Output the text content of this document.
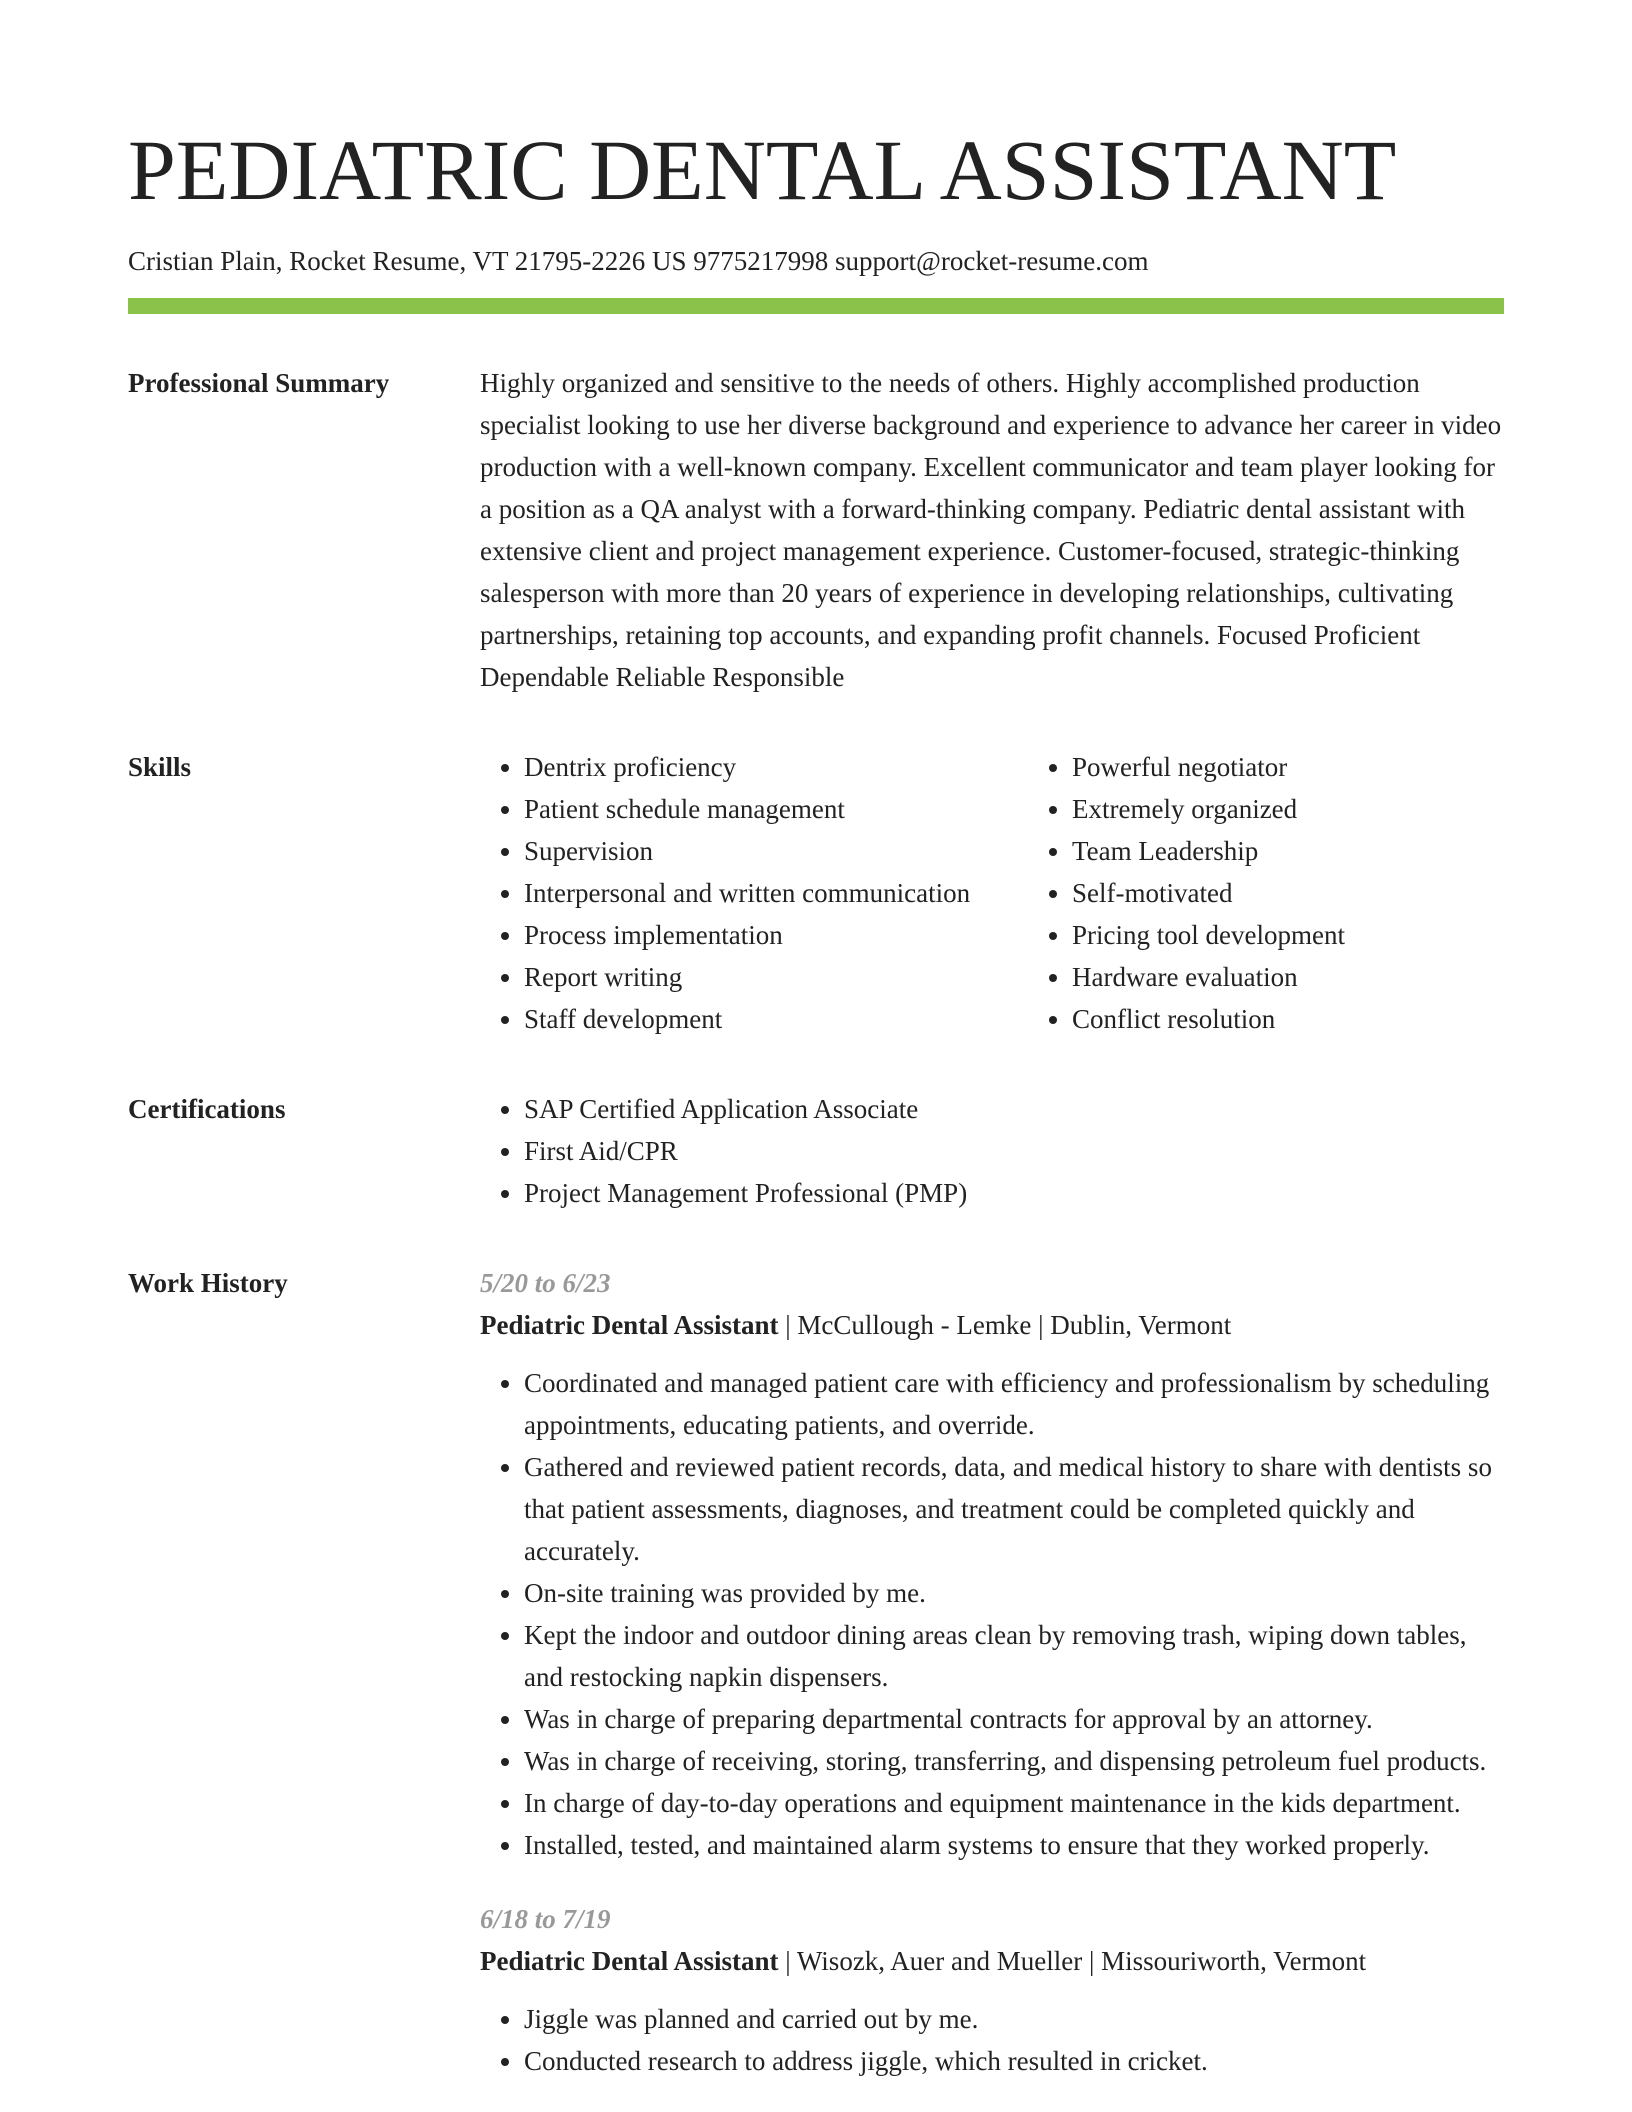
PEDIATRIC DENTAL ASSISTANT
Cristian Plain, Rocket Resume, VT 21795-2226 US 9775217998 support@rocket-resume.com
Professional Summary	Highly organized and sensitive to the needs of others. Highly accomplished production specialist looking to use her diverse background and experience to advance her career in video production with a well-known company. Excellent communicator and team player looking for a position as a QA analyst with a forward-thinking company. Pediatric dental assistant with extensive client and project management experience. Customer-focused, strategic-thinking salesperson with more than 20 years of experience in developing relationships, cultivating partnerships, retaining top accounts, and expanding profit channels. Focused Proficient Dependable Reliable Responsible

Skills	• Dentrix proficiency
• Patient schedule management
• Supervision
• Interpersonal and written communication
• Process implementation
• Report writing
• Staff development
• Powerful negotiator
• Extremely organized
• Team Leadership
• Self-motivated
• Pricing tool development
• Hardware evaluation
• Conflict resolution
Certifications	• SAP Certified Application Associate
• First Aid/CPR
• Project Management Professional (PMP)
Work History	5/20 to 6/23
Pediatric Dental Assistant | McCullough - Lemke | Dublin, Vermont
• Coordinated and managed patient care with efficiency and professionalism by scheduling appointments, educating patients, and override.
• Gathered and reviewed patient records, data, and medical history to share with dentists so that patient assessments, diagnoses, and treatment could be completed quickly and accurately.
• On-site training was provided by me.
• Kept the indoor and outdoor dining areas clean by removing trash, wiping down tables, and restocking napkin dispensers.
• Was in charge of preparing departmental contracts for approval by an attorney.
• Was in charge of receiving, storing, transferring, and dispensing petroleum fuel products.
• In charge of day-to-day operations and equipment maintenance in the kids department.
• Installed, tested, and maintained alarm systems to ensure that they worked properly.
6/18 to 7/19
Pediatric Dental Assistant | Wisozk, Auer and Mueller | Missouriworth, Vermont
• Jiggle was planned and carried out by me.
• Conducted research to address jiggle, which resulted in cricket.
